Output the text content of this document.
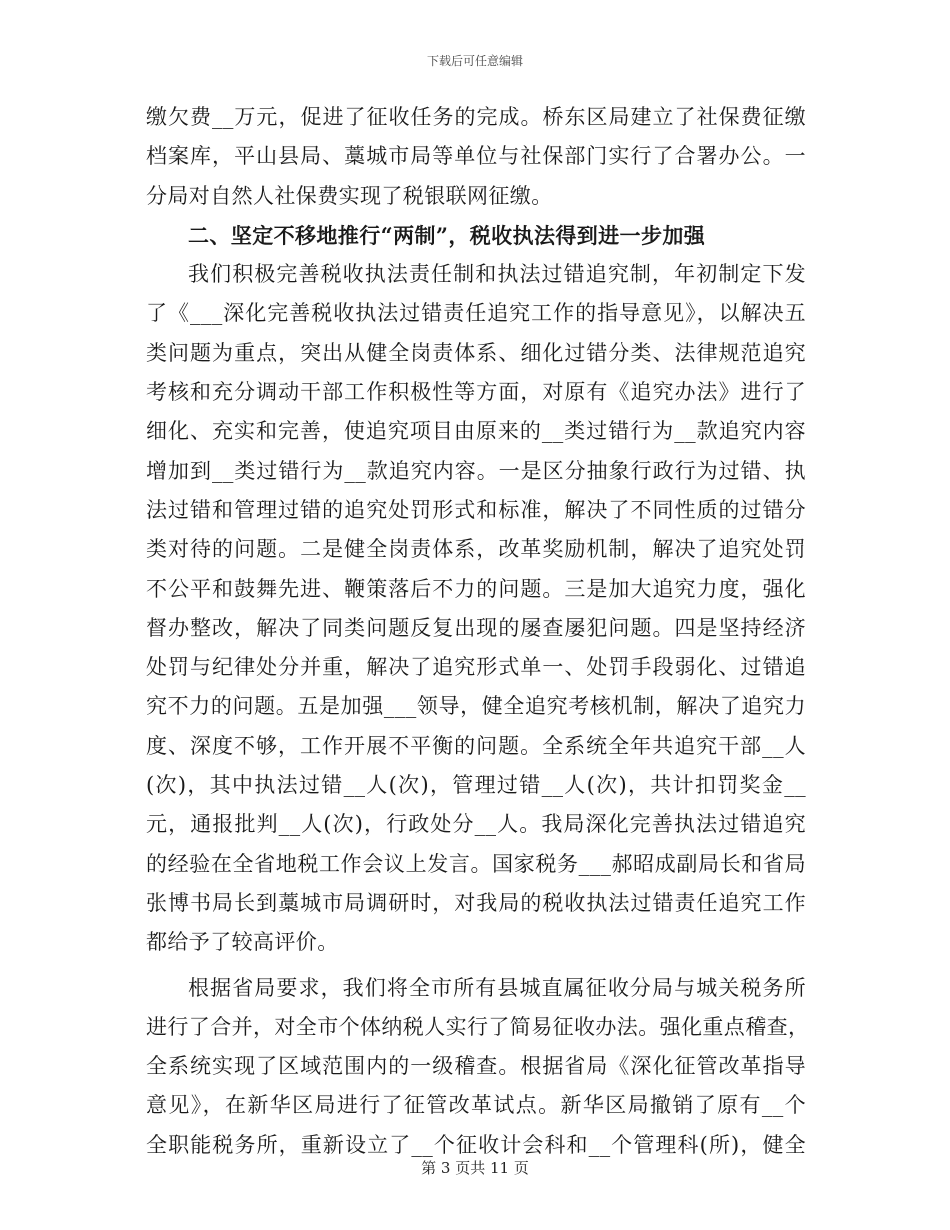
下载后可任意编辑
缴欠费__万元，促进了征收任务的完成。桥东区局建立了社保费征缴
档案库，平山县局、藁城市局等单位与社保部门实行了合署办公。一
分局对自然人社保费实现了税银联网征缴。
二、坚定不移地推行“两制”，税收执法得到进一步加强
我们积极完善税收执法责任制和执法过错追究制，年初制定下发
了《___深化完善税收执法过错责任追究工作的指导意见》，以解决五
类问题为重点，突出从健全岗责体系、细化过错分类、法律规范追究
考核和充分调动干部工作积极性等方面，对原有《追究办法》进行了
细化、充实和完善，使追究项目由原来的__类过错行为__款追究内容
增加到__类过错行为__款追究内容。一是区分抽象行政行为过错、执
法过错和管理过错的追究处罚形式和标准，解决了不同性质的过错分
类对待的问题。二是健全岗责体系，改革奖励机制，解决了追究处罚
不公平和鼓舞先进、鞭策落后不力的问题。三是加大追究力度，强化
督办整改，解决了同类问题反复出现的屡查屡犯问题。四是坚持经济
处罚与纪律处分并重，解决了追究形式单一、处罚手段弱化、过错追
究不力的问题。五是加强___领导，健全追究考核机制，解决了追究力
度、深度不够，工作开展不平衡的问题。全系统全年共追究干部__人
(次)，其中执法过错__人(次)，管理过错__人(次)，共计扣罚奖金__
元，通报批判__人(次)，行政处分__人。我局深化完善执法过错追究
的经验在全省地税工作会议上发言。国家税务___郝昭成副局长和省局
张博书局长到藁城市局调研时，对我局的税收执法过错责任追究工作
都给予了较高评价。
根据省局要求，我们将全市所有县城直属征收分局与城关税务所
进行了合并，对全市个体纳税人实行了简易征收办法。强化重点稽查，
全系统实现了区域范围内的一级稽查。根据省局《深化征管改革指导
意见》，在新华区局进行了征管改革试点。新华区局撤销了原有__个
全职能税务所，重新设立了__个征收计会科和__个管理科(所)，健全
第 3 页共 11 页
